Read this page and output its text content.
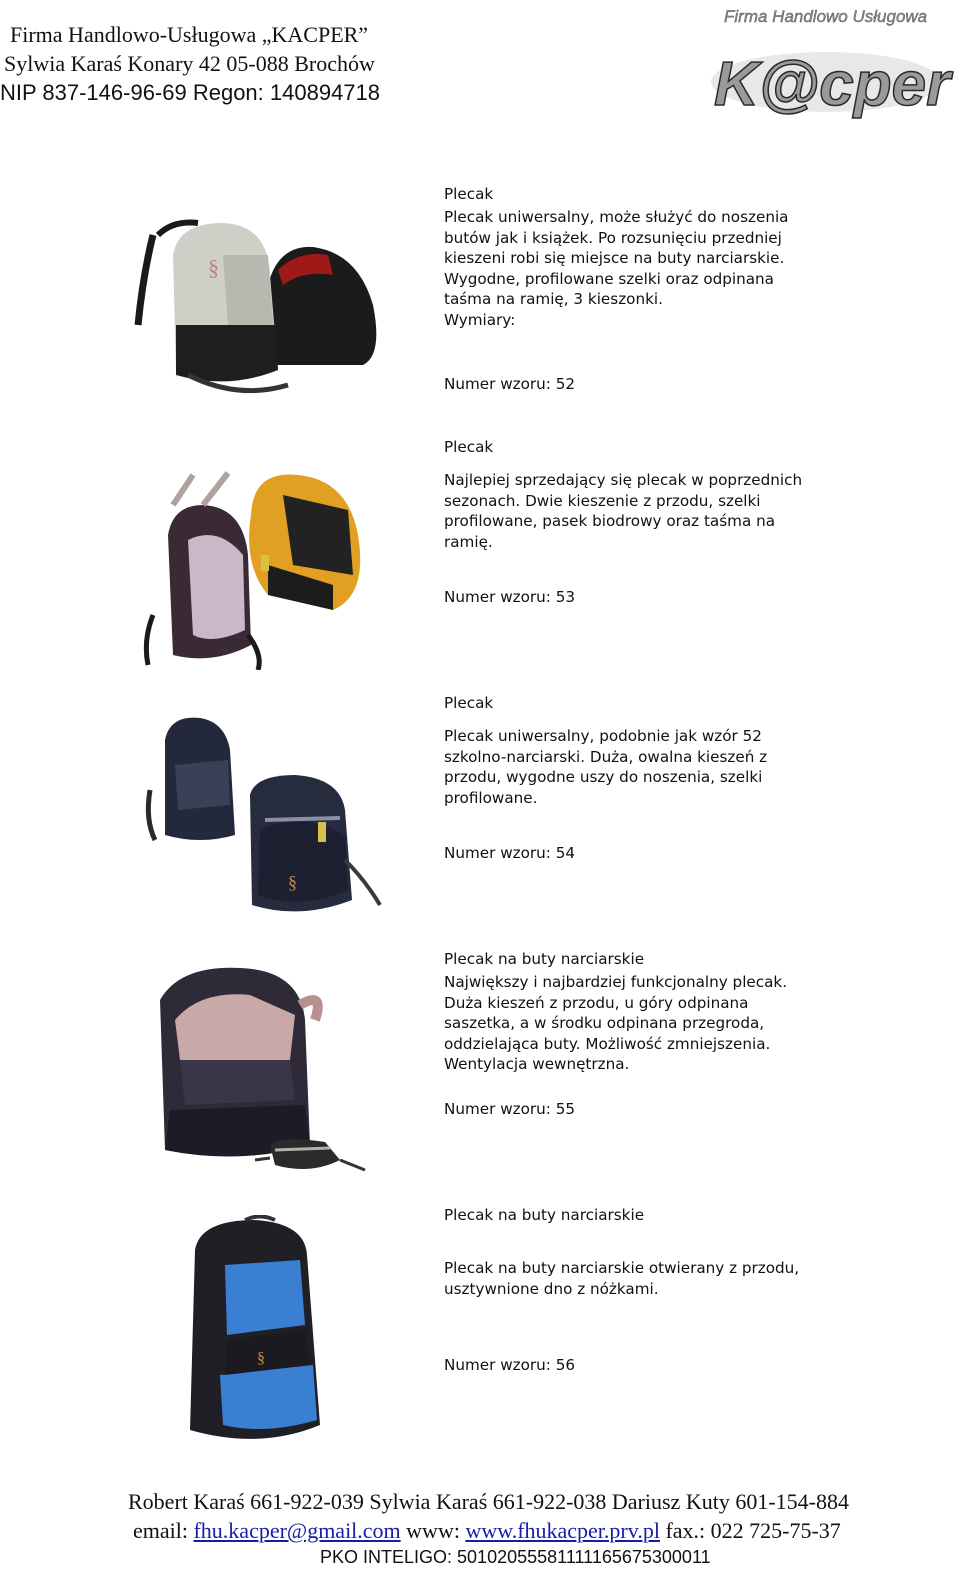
Firma Handlowo-Usługowa „KACPER”
Sylwia Karaś Konary 42 05-088 Brochów
NIP 837-146-96-69 Regon: 140894718
Firma Handlowo Usługowa
K@cper
§
Plecak
Plecak uniwersalny, może służyć do noszenia
butów jak i książek. Po rozsunięciu przedniej
kieszeni robi się miejsce na buty narciarskie.
Wygodne, profilowane szelki oraz odpinana
taśma na ramię, 3 kieszonki.
Wymiary:
Numer wzoru: 52
Plecak
Najlepiej sprzedający się plecak w poprzednich
sezonach. Dwie kieszenie z przodu, szelki
profilowane, pasek biodrowy oraz taśma na
ramię.
Numer wzoru: 53
§
Plecak
Plecak uniwersalny, podobnie jak wzór 52
szkolno-narciarski. Duża, owalna kieszeń z
przodu, wygodne uszy do noszenia, szelki
profilowane.
Numer wzoru: 54
Plecak na buty narciarskie
Największy i najbardziej funkcjonalny plecak.
Duża kieszeń z przodu, u góry odpinana
saszetka, a w środku odpinana przegroda,
oddzielająca buty. Możliwość zmniejszenia.
Wentylacja wewnętrzna.
Numer wzoru: 55
§
Plecak na buty narciarskie
Plecak na buty narciarskie otwierany z przodu,
usztywnione dno z nóżkami.
Numer wzoru: 56
Robert Karaś 661-922-039 Sylwia Karaś 661-922-038 Dariusz Kuty 601-154-884
email: fhu.kacper@gmail.com www: www.fhukacper.prv.pl fax.: 022 725-75-37
PKO INTELIGO: 50102055581111165675300011
